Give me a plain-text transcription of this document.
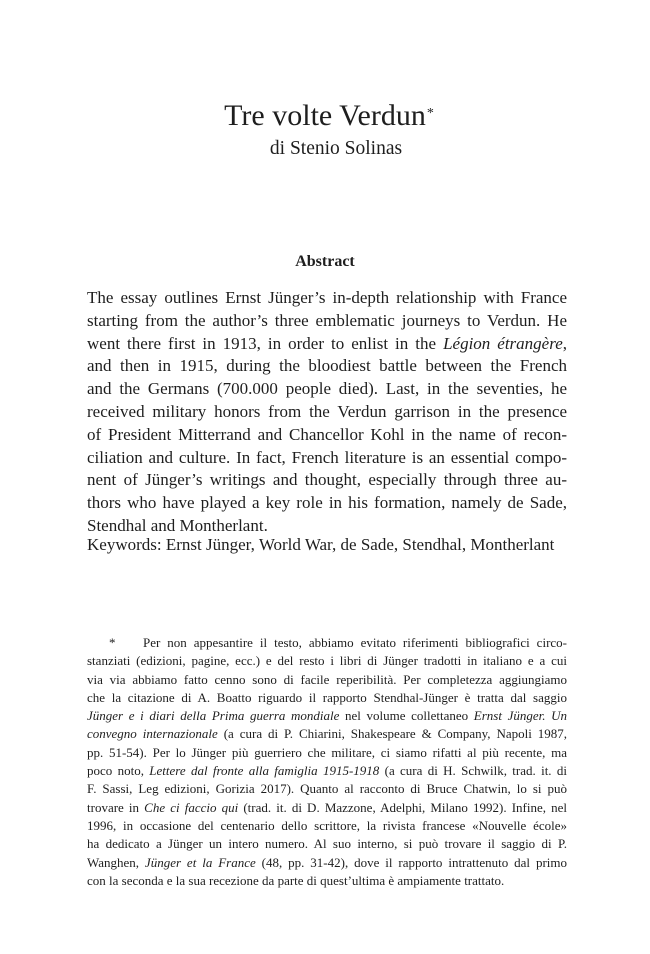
Tre volte Verdun*
di Stenio Solinas
Abstract
The essay outlines Ernst Jünger’s in-depth relationship with France
starting from the author’s three emblematic journeys to Verdun. He
went there first in 1913, in order to enlist in the Légion étrangère,
and then in 1915, during the bloodiest battle between the French
and the Germans (700.000 people died). Last, in the seventies, he
received military honors from the Verdun garrison in the presence
of President Mitterrand and Chancellor Kohl in the name of recon-
ciliation and culture. In fact, French literature is an essential compo-
nent of Jünger’s writings and thought, especially through three au-
thors who have played a key role in his formation, namely de Sade,
Stendhal and Montherlant.
Keywords: Ernst Jünger, World War, de Sade, Stendhal, Montherlant
* Per non appesantire il testo, abbiamo evitato riferimenti bibliografici circo-
stanziati (edizioni, pagine, ecc.) e del resto i libri di Jünger tradotti in italiano e a cui
via via abbiamo fatto cenno sono di facile reperibilità. Per completezza aggiungiamo
che la citazione di A. Boatto riguardo il rapporto Stendhal-Jünger è tratta dal saggio
Jünger e i diari della Prima guerra mondiale nel volume collettaneo Ernst Jünger. Un
convegno internazionale (a cura di P. Chiarini, Shakespeare & Company, Napoli 1987,
pp. 51-54). Per lo Jünger più guerriero che militare, ci siamo rifatti al più recente, ma
poco noto, Lettere dal fronte alla famiglia 1915-1918 (a cura di H. Schwilk, trad. it. di
F. Sassi, Leg edizioni, Gorizia 2017). Quanto al racconto di Bruce Chatwin, lo si può
trovare in Che ci faccio qui (trad. it. di D. Mazzone, Adelphi, Milano 1992). Infine, nel
1996, in occasione del centenario dello scrittore, la rivista francese «Nouvelle école»
ha dedicato a Jünger un intero numero. Al suo interno, si può trovare il saggio di P.
Wanghen, Jünger et la France (48, pp. 31-42), dove il rapporto intrattenuto dal primo
con la seconda e la sua recezione da parte di quest’ultima è ampiamente trattato.
